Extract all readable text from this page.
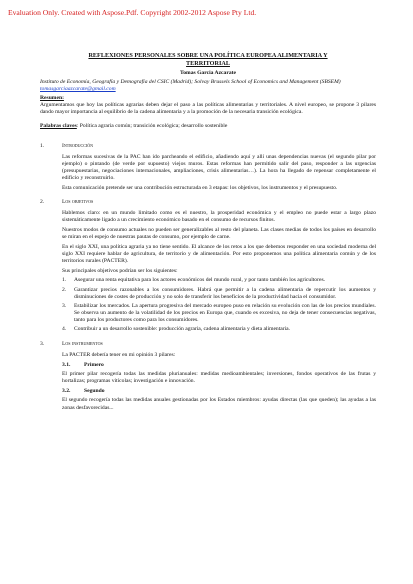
Evaluation Only. Created with Aspose.Pdf. Copyright 2002-2012 Aspose Pty Ltd.
REFLEXIONES PERSONALES SOBRE UNA POLÍTICA EUROPEA ALIMENTARIA Y
TERRITORIAL
Tomas Garcia Azcarate
Instituto de Economía, Geografía y Demografía del CSIC (Madrid); Solvay Brussels School of Economics and Management (SBSEM) tomasgarciaazcarate@gmail.com
Resumen:

Argumentamos que hoy las políticas agrarias deben dejar el paso a las políticas alimentarias y territoriales. A nivel europeo, se propone 3 pilares dando mayor importancia al equilibrio de la cadena alimentaria y a la promoción de la necesaria transición ecológica.

Palabras claves: Política agraria común; transición ecológica; desarrollo sostenible
1.	Introducción

Las reformas sucesivas de la PAC han ido parcheando el edificio, añadiendo aquí y allí unas dependencias nuevas (el segundo pilar por ejemplo) o pintando (de verde por supuesto) viejos muros. Estas reformas han permitido salir del paso, responder a las urgencias (presupuestarias, negociaciones internacionales, ampliaciones, crisis alimentarias…). La hora ha llegado de repensar completamente el edificio y reconstruirlo.

Esta comunicación pretende ser una contribución estructurada en 3 etapas: los objetivos, los instrumentos y el presupuesto.

2.	Los objetivos

Hablemos claro: en un mundo limitado como es el nuestro, la prosperidad económica y el empleo no puede estar a largo plazo sistemáticamente ligado a un crecimiento económico basado en el consumo de recursos finitos.

Nuestros modos de consumo actuales no pueden ser generalizables al resto del planeta. Las clases medias de todos los países en desarrollo se miran en el espejo de nuestras pautas de consumo, por ejemplo de carne.

En el siglo XXI, una política agraria ya no tiene sentido. El alcance de los retos a los que debemos responder en una sociedad moderna del siglo XXI requiere hablar de agricultura, de territorio y de alimentación. Por esto proponemos una política alimentaria común y de los territorios rurales (PACTER).

Sus principales objetivos podrían ser los siguientes:

1.	Asegurar una renta equitativa para los actores económicos del mundo rural, y por tanto también los agricultores.
2.	Garantizar precios razonables a los consumidores. Habrá que permitir a la cadena alimentaria de repercutir los aumentos y disminuciones de costes de producción y no solo de transferir los beneficios de la productividad hacia el consumidor.
3.	Estabilizar los mercados. La apertura progresiva del mercado europeo puso en relación su evolución con las de los precios mundiales. Se observa un aumento de la volatilidad de los precios en Europa que, cuando es excesiva, no deja de tener consecuencias negativas, tanto para los productores como para los consumidores.
4.	Contribuir a un desarrollo sostenible: producción agraria, cadena alimentaria y dieta alimentaria.
3.	Los instrumentos

La PACTER debería tener en mi opinión 3 pilares:

3.1.	Primero

El primer pilar recogería todas las medidas plurianuales: medidas medioambientales; inversiones, fondos operativos de las frutas y hortalizas; programas vitícolas; investigación e innovación.

3.2.	Segundo

El segundo recogería todas las medidas anuales gestionadas por los Estados miembros: ayudas directas (las que queden); las ayudas a las zonas desfavorecidas...
